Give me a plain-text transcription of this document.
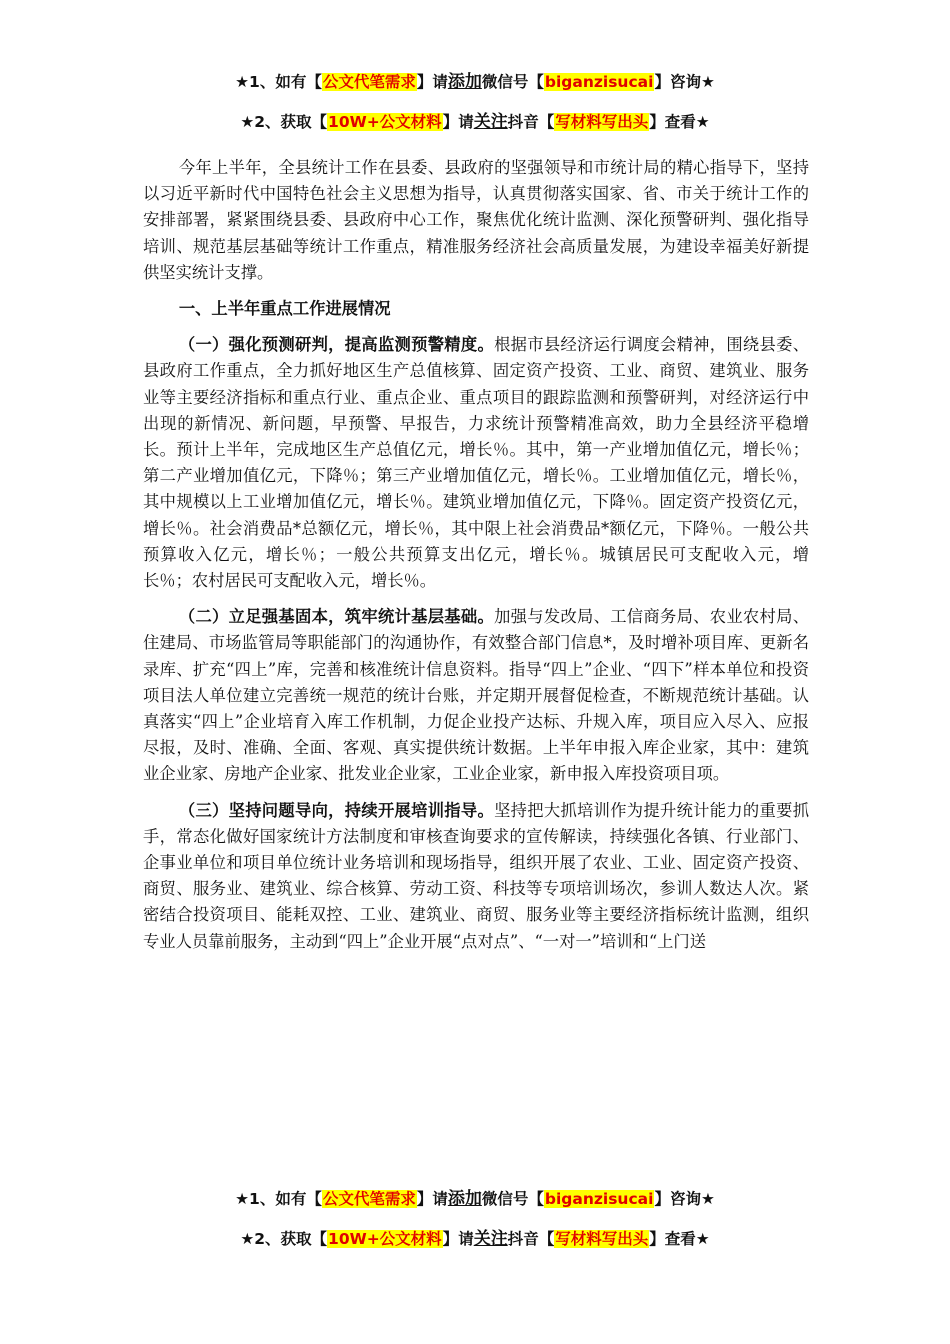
★1、如有【公文代笔需求】请添加微信号【biganzisucai】咨询★
★2、获取【10W+公文材料】请关注抖音【写材料写出头】查看★

今年上半年，全县统计工作在县委、县政府的坚强领导和市统计局的精心指导下，坚持以习近平新时代中国特色社会主义思想为指导，认真贯彻落实国家、省、市关于统计工作的安排部署，紧紧围绕县委、县政府中心工作，聚焦优化统计监测、深化预警研判、强化指导培训、规范基层基础等统计工作重点，精准服务经济社会高质量发展，为建设幸福美好新提供坚实统计支撑。

一、上半年重点工作进展情况

（一）强化预测研判，提高监测预警精度。根据市县经济运行调度会精神，围绕县委、县政府工作重点，全力抓好地区生产总值核算、固定资产投资、工业、商贸、建筑业、服务业等主要经济指标和重点行业、重点企业、重点项目的跟踪监测和预警研判，对经济运行中出现的新情况、新问题，早预警、早报告，力求统计预警精准高效，助力全县经济平稳增长。预计上半年，完成地区生产总值亿元，增长％。其中，第一产业增加值亿元，增长％；第二产业增加值亿元，下降％；第三产业增加值亿元，增长％。工业增加值亿元，增长％，其中规模以上工业增加值亿元，增长％。建筑业增加值亿元，下降％。固定资产投资亿元，增长％。社会消费品*总额亿元，增长％，其中限上社会消费品*额亿元，下降％。一般公共预算收入亿元，增长％；一般公共预算支出亿元，增长％。城镇居民可支配收入元，增长％；农村居民可支配收入元，增长％。

（二）立足强基固本，筑牢统计基层基础。加强与发改局、工信商务局、农业农村局、住建局、市场监管局等职能部门的沟通协作，有效整合部门信息*，及时增补项目库、更新名录库、扩充“四上”库，完善和核准统计信息资料。指导“四上”企业、“四下”样本单位和投资项目法人单位建立完善统一规范的统计台账，并定期开展督促检查，不断规范统计基础。认真落实“四上”企业培育入库工作机制，力促企业投产达标、升规入库，项目应入尽入、应报尽报，及时、准确、全面、客观、真实提供统计数据。上半年申报入库企业家，其中：建筑业企业家、房地产企业家、批发业企业家，工业企业家，新申报入库投资项目项。

（三）坚持问题导向，持续开展培训指导。坚持把大抓培训作为提升统计能力的重要抓手，常态化做好国家统计方法制度和审核查询要求的宣传解读，持续强化各镇、行业部门、企事业单位和项目单位统计业务培训和现场指导，组织开展了农业、工业、固定资产投资、商贸、服务业、建筑业、综合核算、劳动工资、科技等专项培训场次，参训人数达人次。紧密结合投资项目、能耗双控、工业、建筑业、商贸、服务业等主要经济指标统计监测，组织专业人员靠前服务，主动到“四上”企业开展“点对点”、“一对一”培训和“上门送

★1、如有【公文代笔需求】请添加微信号【biganzisucai】咨询★
★2、获取【10W+公文材料】请关注抖音【写材料写出头】查看★
